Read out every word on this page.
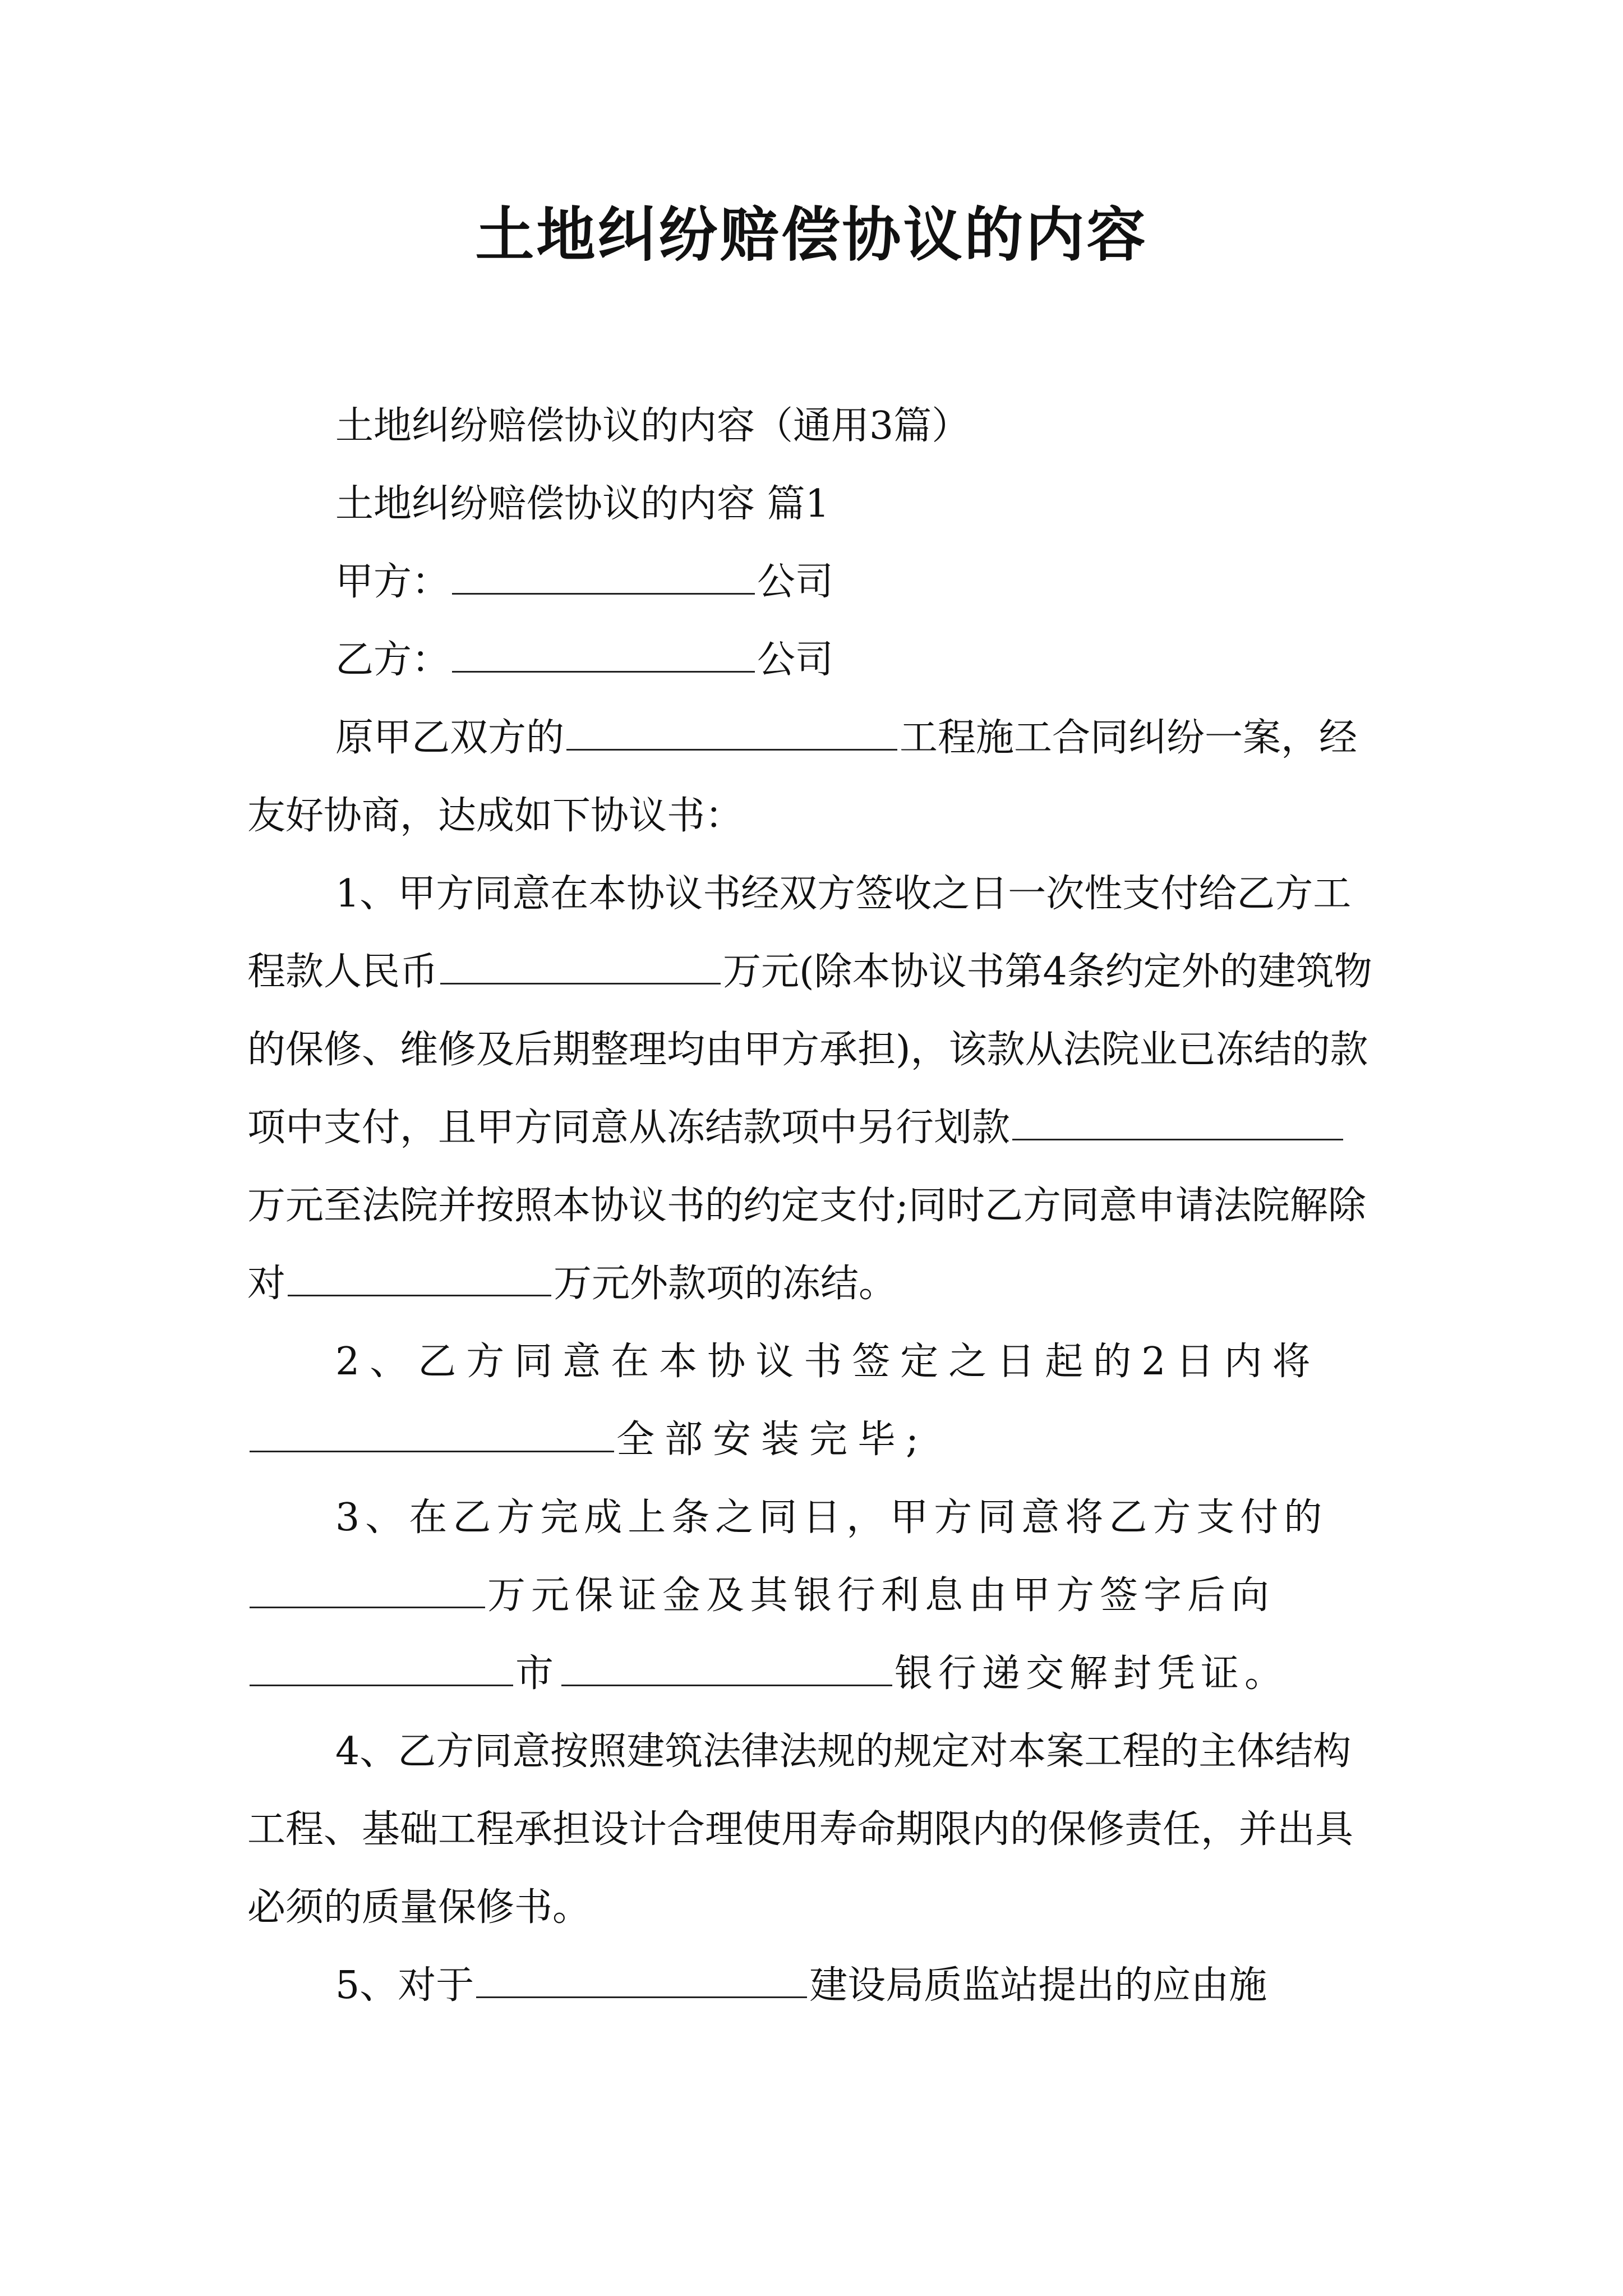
土地纠纷赔偿协议的内容

土地纠纷赔偿协议的内容（通用3篇）

土地纠纷赔偿协议的内容 篇1

甲方：	公司

乙方：	公司

原甲乙双方的	工程施工合同纠纷一案，经友好协商，达成如下协议书：

1、甲方同意在本协议书经双方签收之日一次性支付给乙方工程款人民币	万元(除本协议书第4条约定外的建筑物的保修、维修及后期整理均由甲方承担)，该款从法院业已冻结的款项中支付，且甲方同意从冻结款项中另行划款万元至法院并按照本协议书的约定支付;同时乙方同意申请法院解除对	万元外款项的冻结。

2、乙方同意在本协议书签定之日起的2日内将全部安装完毕;

3、在乙方完成上条之同日，甲方同意将乙方支付的万元保证金及其银行利息由甲方签字后向市	银行递交解封凭证。

4、乙方同意按照建筑法律法规的规定对本案工程的主体结构工程、基础工程承担设计合理使用寿命期限内的保修责任，并出具必须的质量保修书。

5、对于	建设局质监站提出的应由施
